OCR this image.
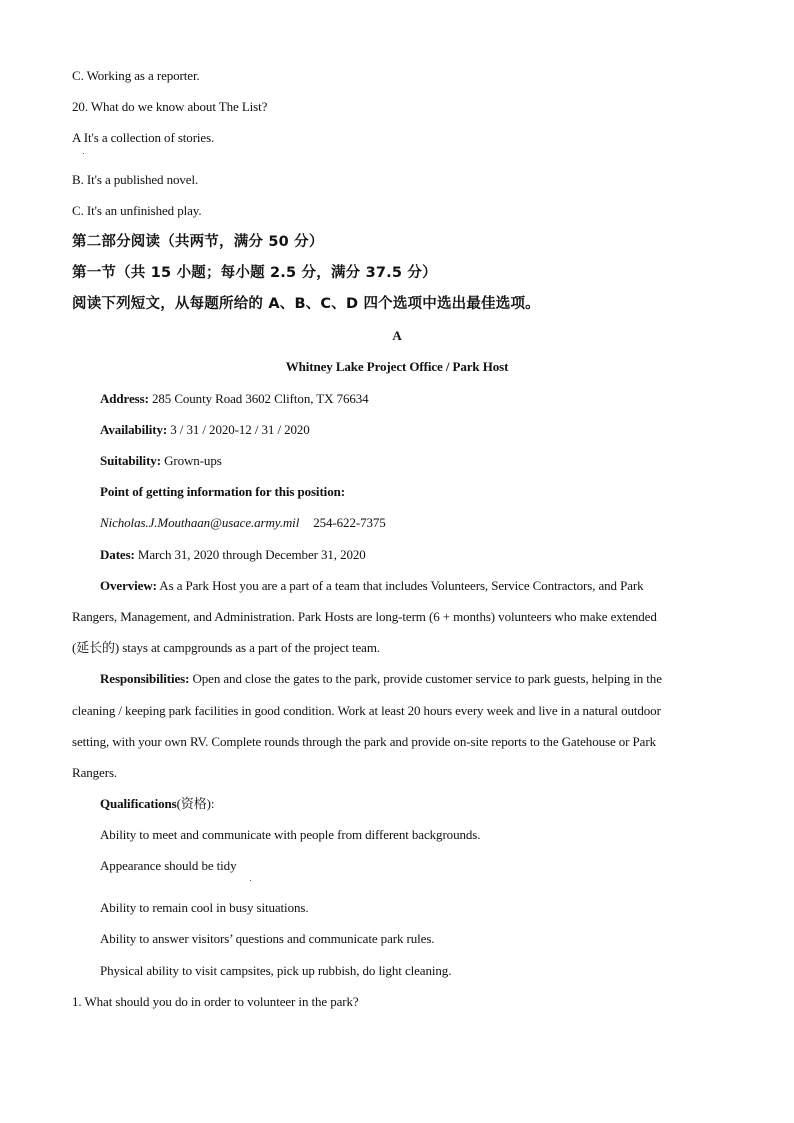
C. Working as a reporter.
20. What do we know about The List?
A It's a collection of stories.
B. It's a published novel.
C. It's an unfinished play.
第二部分阅读（共两节，满分 50 分）
第一节（共 15 小题；每小题 2.5 分，满分 37.5 分）
阅读下列短文，从每题所给的 A、B、C、D 四个选项中选出最佳选项。
A
Whitney Lake Project Office / Park Host
Address: 285 County Road 3602 Clifton, TX 76634
Availability: 3 / 31 / 2020-12 / 31 / 2020
Suitability: Grown-ups
Point of getting information for this position:
Nicholas.J.Mouthaan@usace.army.mil 254-622-7375
Dates: March 31, 2020 through December 31, 2020
Overview: As a Park Host you are a part of a team that includes Volunteers, Service Contractors, and Park
Rangers, Management, and Administration. Park Hosts are long-term (6 + months) volunteers who make extended
(延长的) stays at campgrounds as a part of the project team.
Responsibilities: Open and close the gates to the park, provide customer service to park guests, helping in the
cleaning / keeping park facilities in good condition. Work at least 20 hours every week and live in a natural outdoor
setting, with your own RV. Complete rounds through the park and provide on-site reports to the Gatehouse or Park
Rangers.
Qualifications(资格):
Ability to meet and communicate with people from different backgrounds.
Appearance should be tidy
Ability to remain cool in busy situations.
Ability to answer visitors’ questions and communicate park rules.
Physical ability to visit campsites, pick up rubbish, do light cleaning.
1. What should you do in order to volunteer in the park?
